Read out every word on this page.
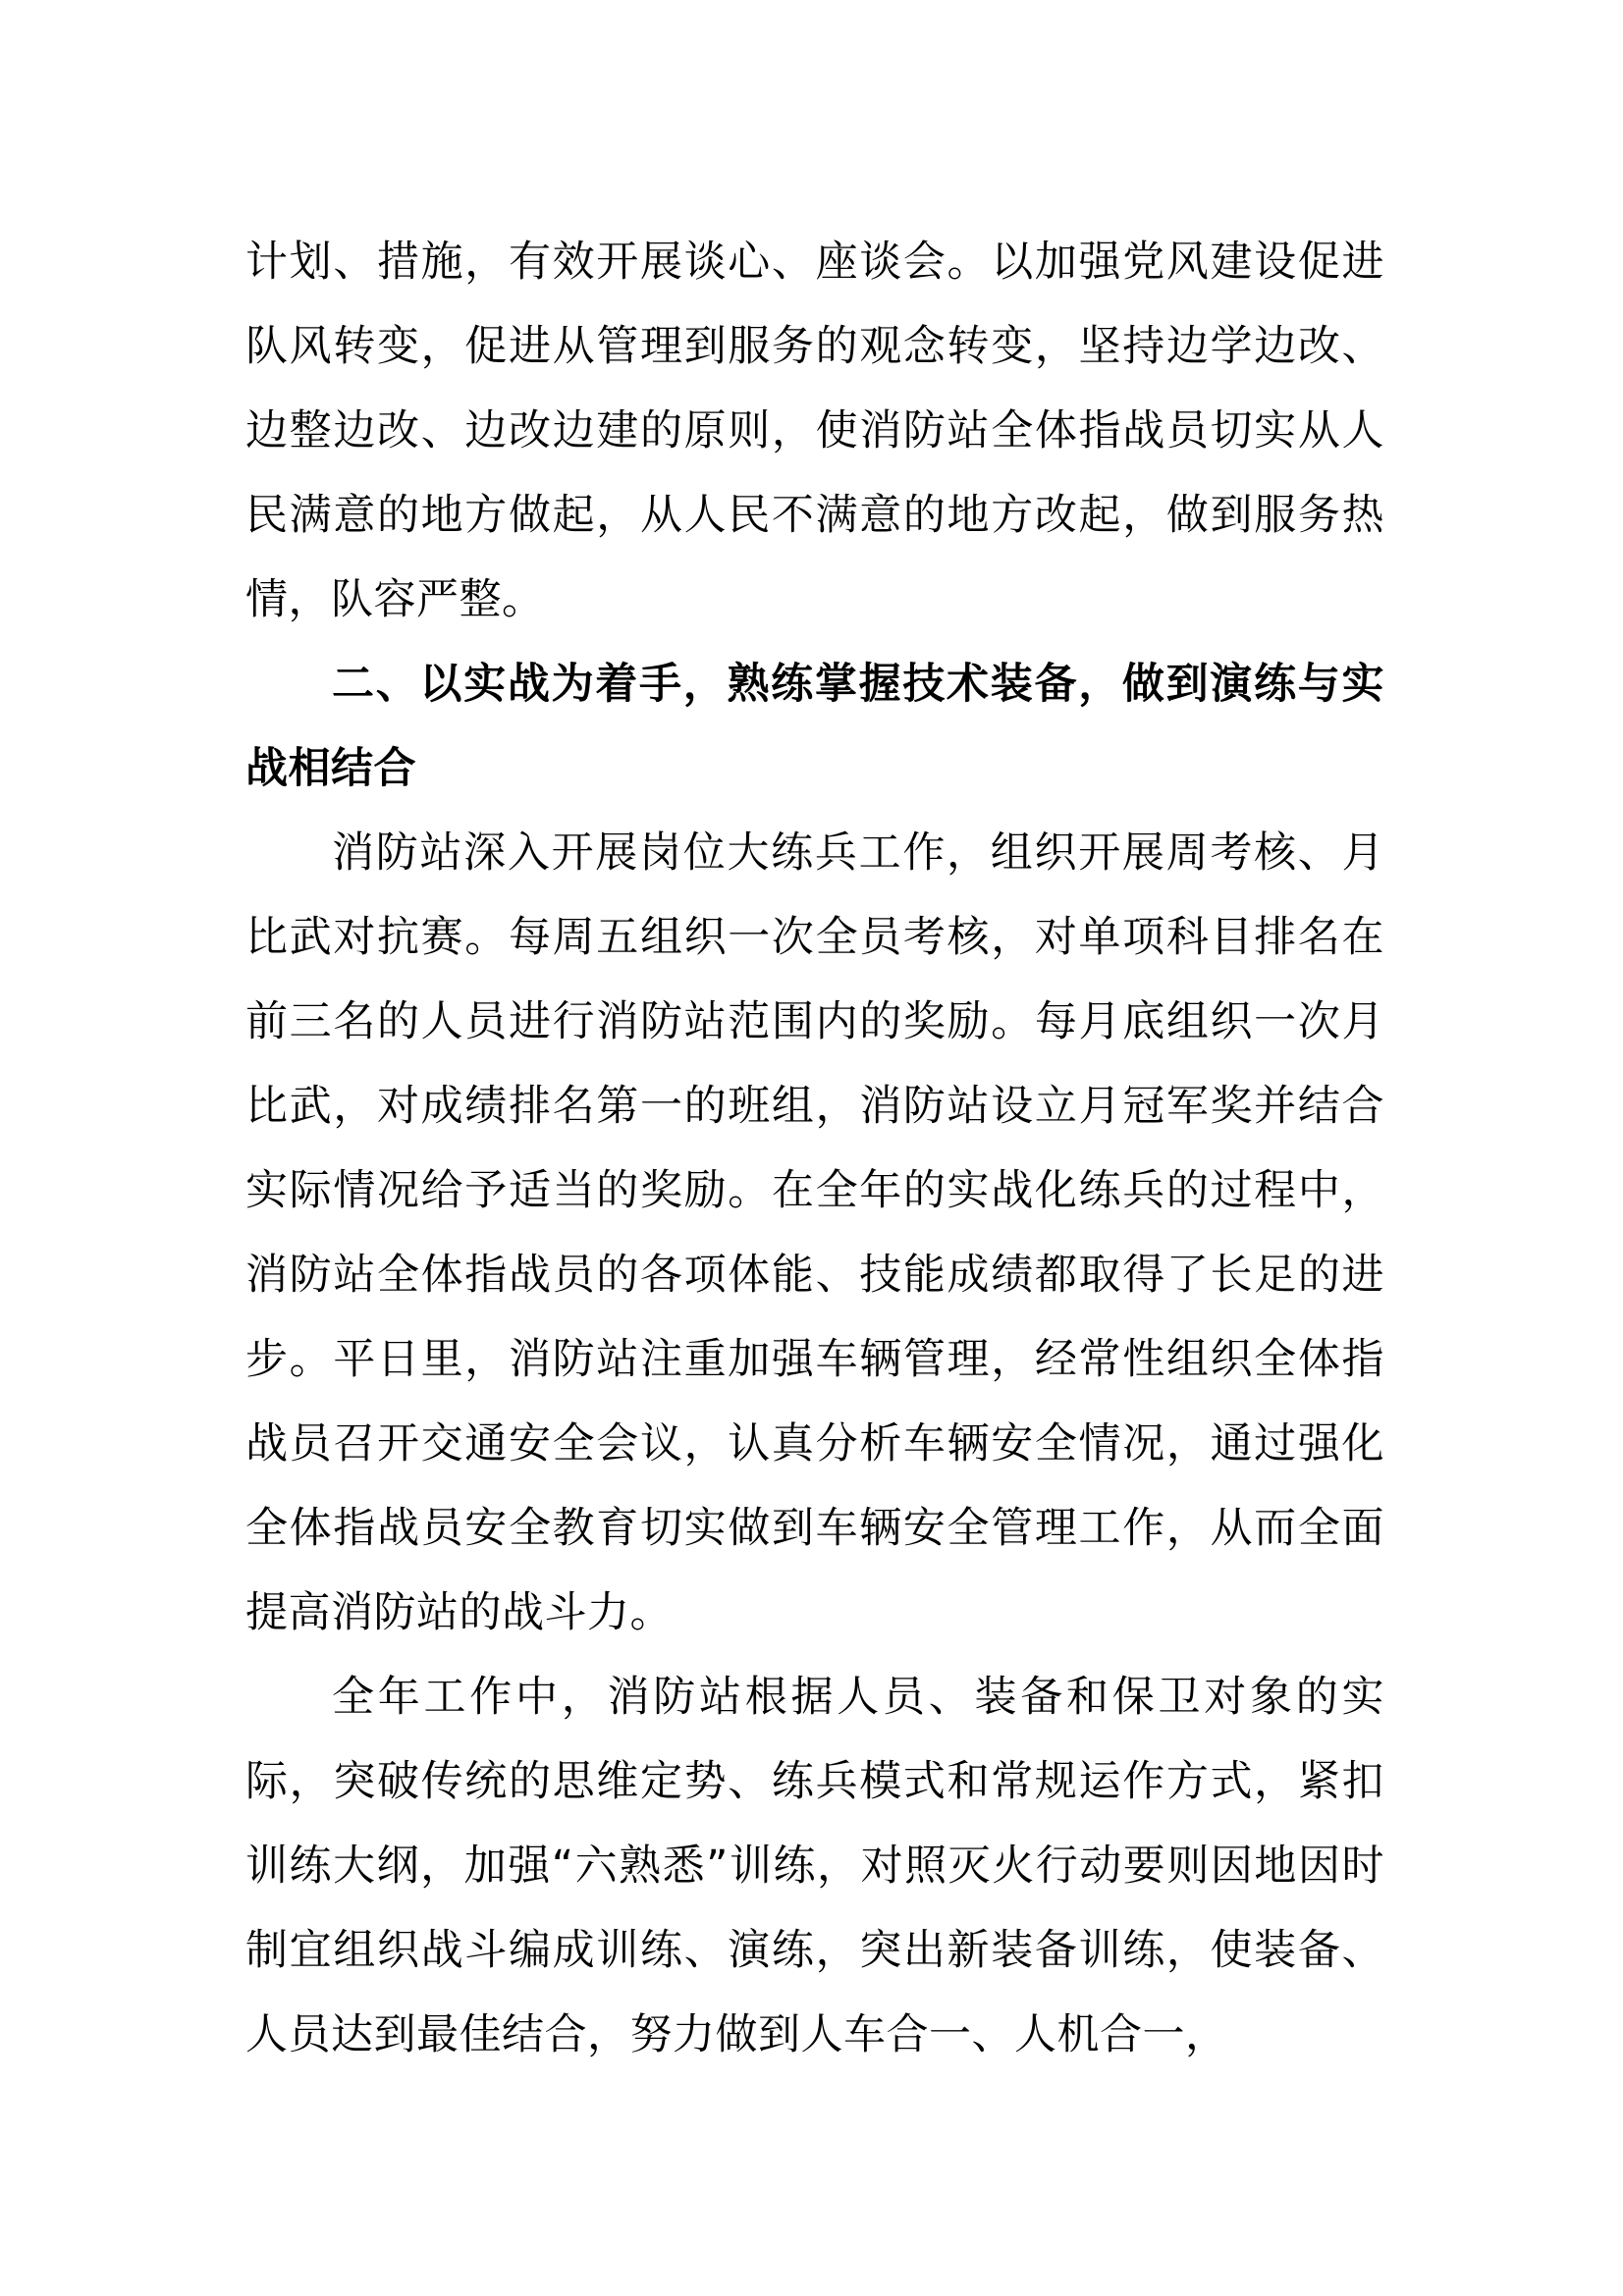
计划、措施，有效开展谈心、座谈会。以加强党风建设促进队风转变，促进从管理到服务的观念转变，坚持边学边改、边整边改、边改边建的原则，使消防站全体指战员切实从人民满意的地方做起，从人民不满意的地方改起，做到服务热情，队容严整。

二、以实战为着手，熟练掌握技术装备，做到演练与实战相结合

消防站深入开展岗位大练兵工作，组织开展周考核、月比武对抗赛。每周五组织一次全员考核，对单项科目排名在前三名的人员进行消防站范围内的奖励。每月底组织一次月比武，对成绩排名第一的班组，消防站设立月冠军奖并结合实际情况给予适当的奖励。在全年的实战化练兵的过程中，消防站全体指战员的各项体能、技能成绩都取得了长足的进步。平日里，消防站注重加强车辆管理，经常性组织全体指战员召开交通安全会议，认真分析车辆安全情况，通过强化全体指战员安全教育切实做到车辆安全管理工作，从而全面提高消防站的战斗力。

全年工作中，消防站根据人员、装备和保卫对象的实际，突破传统的思维定势、练兵模式和常规运作方式，紧扣训练大纲，加强“六熟悉”训练，对照灭火行动要则因地因时制宜组织战斗编成训练、演练，突出新装备训练，使装备、人员达到最佳结合，努力做到人车合一、人机合一，
